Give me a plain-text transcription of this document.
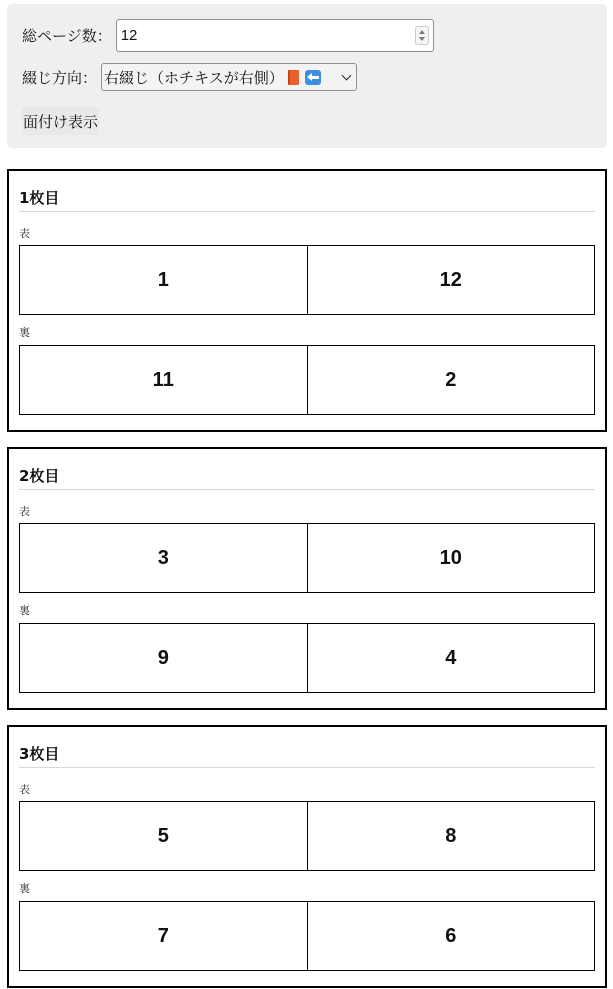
総ページ数： 12
綴じ方向： 右綴じ（ホチキスが右側）
面付け表示
1枚目
表
1	12
裏
11	2
2枚目
表
3	10
裏
9	4
3枚目
表
5	8
裏
7	6
